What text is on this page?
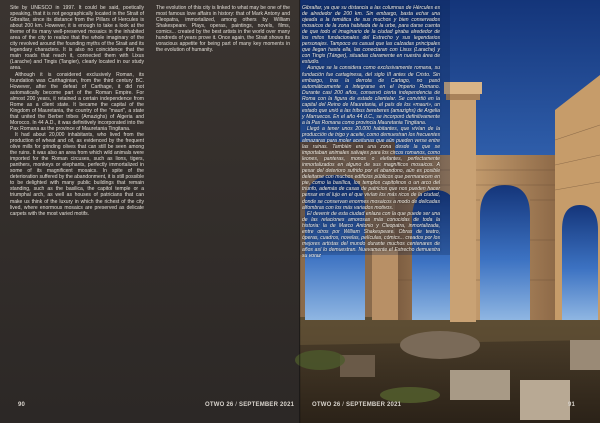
Site by UNESCO in 1997. It could be said, poetically speaking, that it is not geographically located in the Strait of Gibraltar, since its distance from the Pillars of Hercules is about 200 km. However, it is enough to take a look at the theme of its many well-preserved mosaics in the inhabited area of the city to realize that the whole imaginary of the city revolved around the founding myths of the Strait and its legendary characters. It is also no coincidence that the main roads that reach it, connected them with Lixus (Larache) and Tingis (Tangier), clearly located in our study area.

Although it is considered exclusively Roman, its foundation was Carthaginian, from the third century BC. However, after the defeat of Carthage, it did not automatically become part of the Roman Empire. For almost 200 years, it retained a certain independence from Rome as a client state. It became the capital of the Kingdom of Mauretania, the country of the "mauri", a state that united the Berber tribes (Amazighs) of Algeria and Morocco. In 44 A.D., it was definitively incorporated into the Pax Romana as the province of Mauretania Tingitana.

It had about 20,000 inhabitants, who lived from the production of wheat and oil, as evidenced by the frequent olive mills for grinding olives that can still be seen among the ruins. It was also an area from which wild animals were imported for the Roman circuses, such as lions, tigers, panthers, monkeys or elephants, perfectly immortalized in some of its magnificent mosaics. In spite of the deterioration suffered by the abandonment, it is still possible to be delighted with many public buildings that remain standing, such as the basilica, the capitol temple or a triumphal arch, as well as houses of patricians that can make us think of the luxury in which the richest of the city lived, where enormous mosaics are preserved as delicate carpets with the most varied motifs.

The evolution of this city is linked to what may be one of the most famous love affairs in history: that of Mark Antony and Cleopatra, immortalized, among others by William Shakespeare. Plays, operas, paintings, novels, films, comics... created by the best artists in the world over many hundreds of years prove it. Once again, the Strait shows its voracious appetite for being part of many key moments in the evolution of humanity.

90	OTWO 26 / SEPTEMBER 2021

Gibraltar, ya que su distancia a las columnas de Hércules es de alrededor de 200 km. Sin embargo, basta echar una ojeada a la temática de sus muchos y bien conservados mosaicos de la zona habitada de la urbe, para darse cuenta de que todo el imaginario de la ciudad giraba alrededor de los mitos fundacionales del Estrecho y sus legendarios personajes. Tampoco es casual que las calzadas principales que llegan hasta ella, las conectaran con Lixus (Larache) y con Tingis (Tánger), situadas claramente en nuestra área de estudio.

Aunque se la considera como exclusivamente romana, su fundación fue cartaginesa, del siglo III antes de Cristo. Sin embargo, tras la derrota de Cartago, no pasó automáticamente a integrarse en el Imperio Romano. Durante casi 200 años, conservó cierta independencia de Roma con la figura de estado clientelar. Se convirtió en la capital del Reino de Mauretania, el país de los «mauri», un estado que unió a las tribus bereberes (amazighs) de Argelia y Marruecos. En el año 44 d.C., se incorporó definitivamente a la Pax Romana como provincia Mauretania Tingitana.

Llegó a tener unos 20.000 habitantes, que vivían de la producción de trigo y aceite, como demuestran los frecuentes almazaras para moler aceitunas que aún pueden verse entre las ruinas. También era una zona desde la que se importaban animales salvajes para los circos romanos, como leones, panteras, monos o elefantes, perfectamente inmortalizados en alguno de sus magníficos mosaicos. A pesar del deterioro sufrido por el abandono, aún es posible deleitarse con muchos edificios públicos que permanecen en pie, como la basílica, los templos capitolinos o un arco del triunfo, además de casas de patricios que nos pueden hacer pensar en el lujo en el que vivían los más ricos de la ciudad, donde se conservan enormes mosaicos a modo de delicadas alfombras con los más variados motivos.

El devenir de esta ciudad enlaza con la que puede ser una de las relaciones amorosas más conocidas de toda la historia: la de Marco Antonio y Cleopatra, inmortalizada, entre otros por William Shakespeare. Obras de teatro, óperas, cuadros, novelas, películas, cómics... creados por los mejores artistas del mundo durante muchos centenares de años así lo demuestran. Nuevamente el Estrecho demuestra su voraz

OTWO 26 / SEPTEMBER 2021	91
